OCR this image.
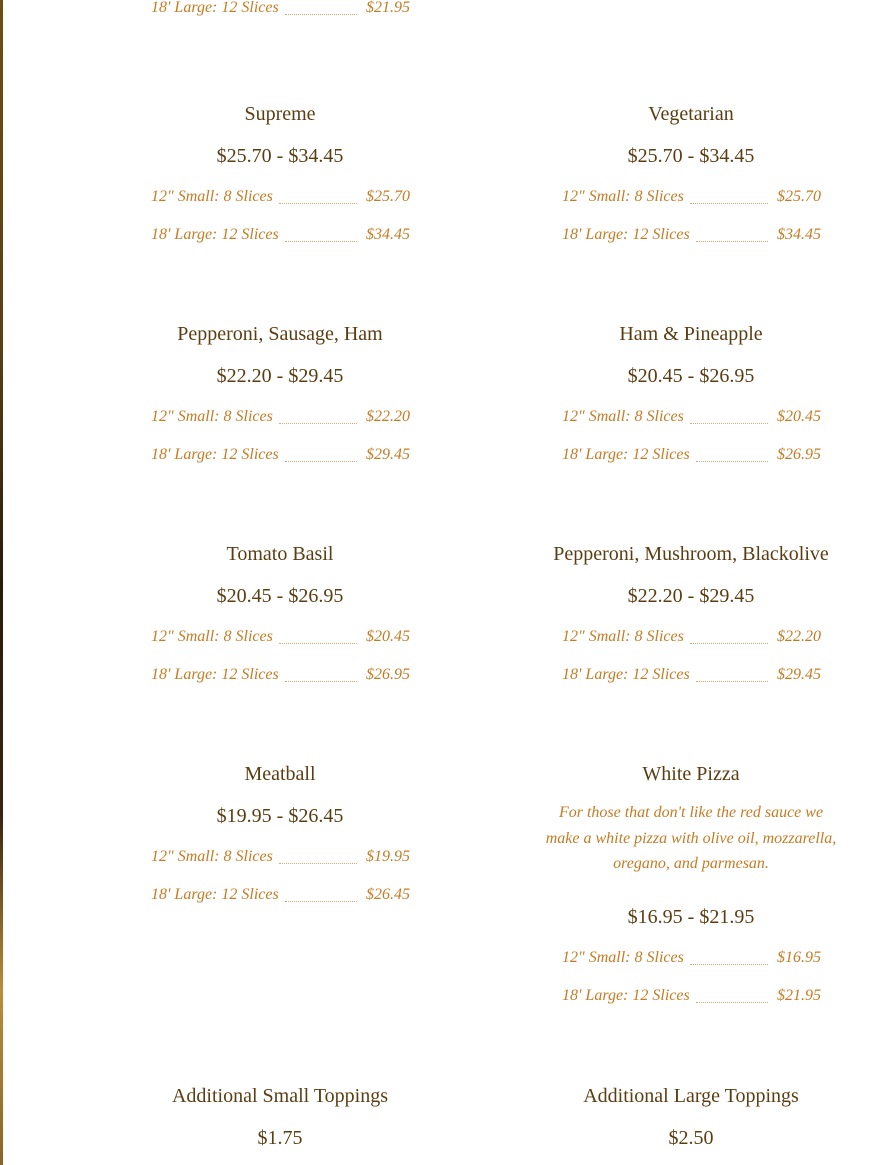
18' Large: 12 Slices	$21.95
Supreme
$25.70 - $34.45
12" Small: 8 Slices	$25.70
18' Large: 12 Slices	$34.45
Vegetarian
$25.70 - $34.45
12" Small: 8 Slices	$25.70
18' Large: 12 Slices	$34.45
Pepperoni, Sausage, Ham
$22.20 - $29.45
12" Small: 8 Slices	$22.20
18' Large: 12 Slices	$29.45
Ham & Pineapple
$20.45 - $26.95
12" Small: 8 Slices	$20.45
18' Large: 12 Slices	$26.95
Tomato Basil
$20.45 - $26.95
12" Small: 8 Slices	$20.45
18' Large: 12 Slices	$26.95
Pepperoni, Mushroom, Blackolive
$22.20 - $29.45
12" Small: 8 Slices	$22.20
18' Large: 12 Slices	$29.45
Meatball
$19.95 - $26.45
12" Small: 8 Slices	$19.95
18' Large: 12 Slices	$26.45
White Pizza
For those that don't like the red sauce we make a white pizza with olive oil, mozzarella, oregano, and parmesan.
$16.95 - $21.95
12" Small: 8 Slices	$16.95
18' Large: 12 Slices	$21.95
Additional Small Toppings
$1.75
Additional Large Toppings
$2.50
